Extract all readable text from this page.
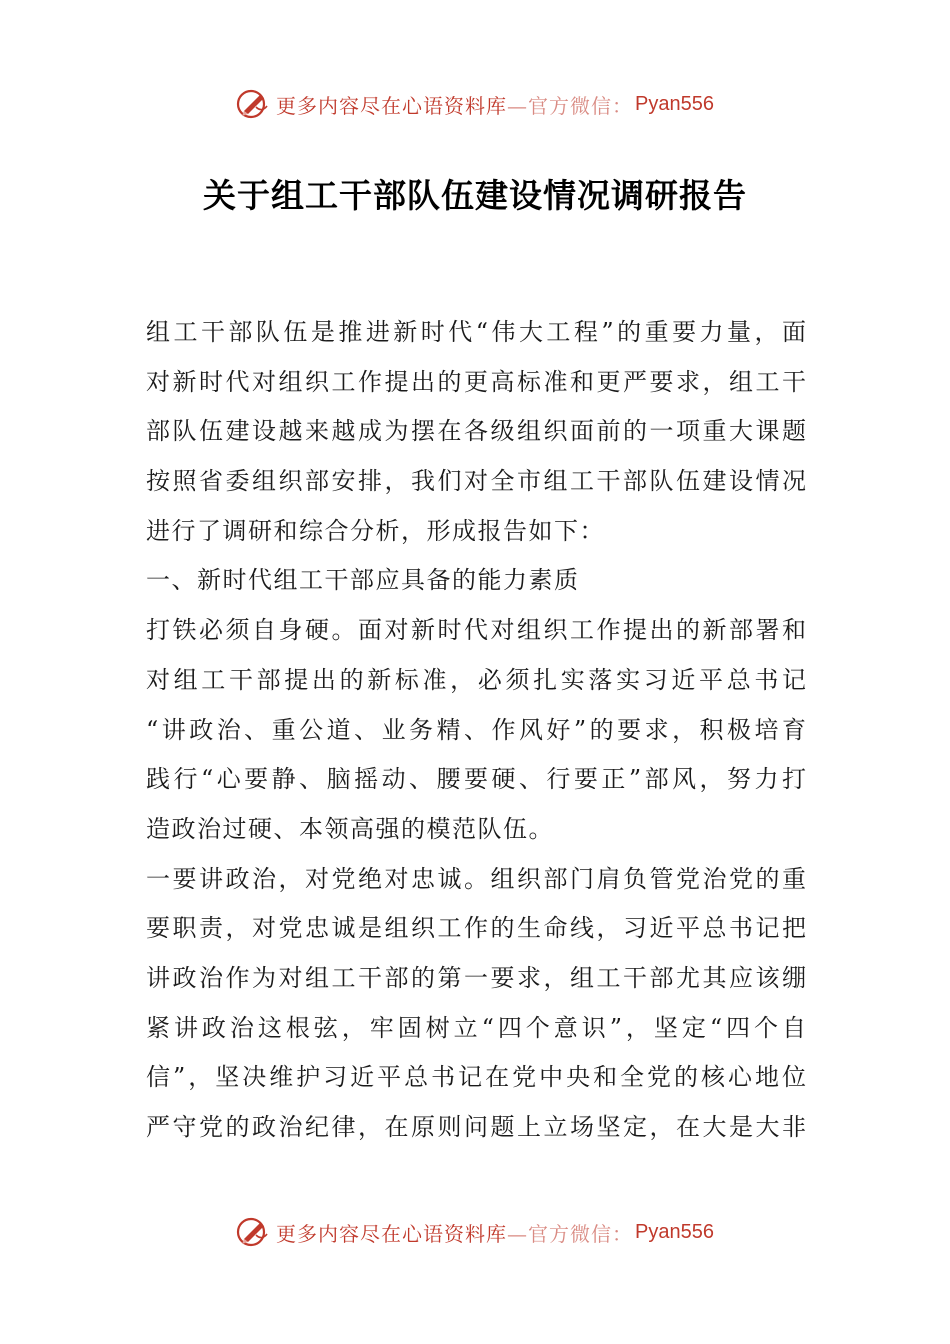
更多内容尽在心语资料库—官方微信： Pyan556
关于组工干部队伍建设情况调研报告
组工干部队伍是推进新时代“伟大工程”的重要力量，面
对新时代对组织工作提出的更高标准和更严要求，组工干
部队伍建设越来越成为摆在各级组织面前的一项重大课题
按照省委组织部安排，我们对全市组工干部队伍建设情况
进行了调研和综合分析，形成报告如下：
一、新时代组工干部应具备的能力素质
打铁必须自身硬。面对新时代对组织工作提出的新部署和
对组工干部提出的新标准，必须扎实落实习近平总书记
“讲政治、重公道、业务精、作风好”的要求，积极培育
践行“心要静、脑摇动、腰要硬、行要正”部风，努力打
造政治过硬、本领高强的模范队伍。
一要讲政治，对党绝对忠诚。组织部门肩负管党治党的重
要职责，对党忠诚是组织工作的生命线，习近平总书记把
讲政治作为对组工干部的第一要求，组工干部尤其应该绷
紧讲政治这根弦，牢固树立“四个意识”，坚定“四个自
信”，坚决维护习近平总书记在党中央和全党的核心地位
严守党的政治纪律，在原则问题上立场坚定，在大是大非
更多内容尽在心语资料库—官方微信： Pyan556
